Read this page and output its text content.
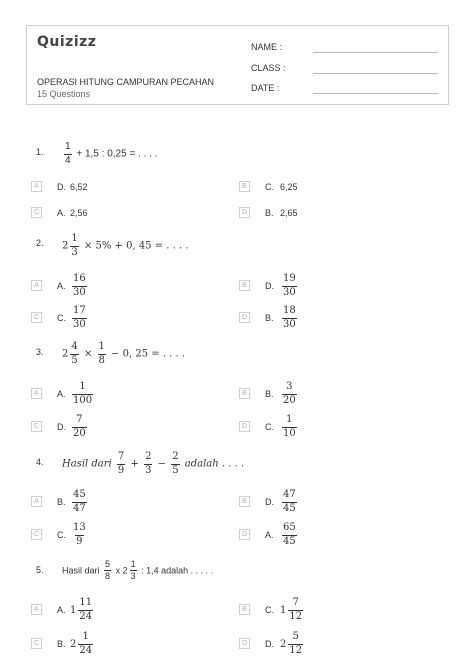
Quizizz
OPERASI HITUNG CAMPURAN PECAHAN
15 Questions
NAME :
CLASS :
DATE :
1. $\frac{1}{4} + 1,5$ : 0,25 = . . . .
2. $2 \frac{1}{3} \times 5\% + 0$, 45 = . . . .
3. $2 \frac{4}{5} \times \frac{1}{8} - 0$, 25 = . . . .
4. Hasil dari $\frac{7}{9} + \frac{2}{3} - \frac{2}{5}$ adalah . . . .
5. Hasil dari $\frac{5}{8}$ x $2 \frac{1}{3}$ : 1,4 adalah . . . . .
A	D. 6,52	B	C. 6,25
C	A. 2,56	D	B. 2,65
A	A. $\frac{16}{30}$	B	D. $\frac{19}{30}$
C	C. $\frac{17}{30}$	D	B. $\frac{18}{30}$
A	A. $\frac{1}{100}$	B	B. $\frac{3}{20}$
C	D. $\frac{7}{20}$	D	C. $\frac{1}{10}$
A	B. $\frac{45}{47}$	B	D. $\frac{47}{45}$
C	C. $\frac{13}{9}$	D	A. $\frac{65}{45}$
A	A. $1 \frac{11}{24}$	B	C. $1 \frac{7}{12}$
C	B. $2 \frac{1}{24}$	D	D. $2 \frac{5}{12}$
